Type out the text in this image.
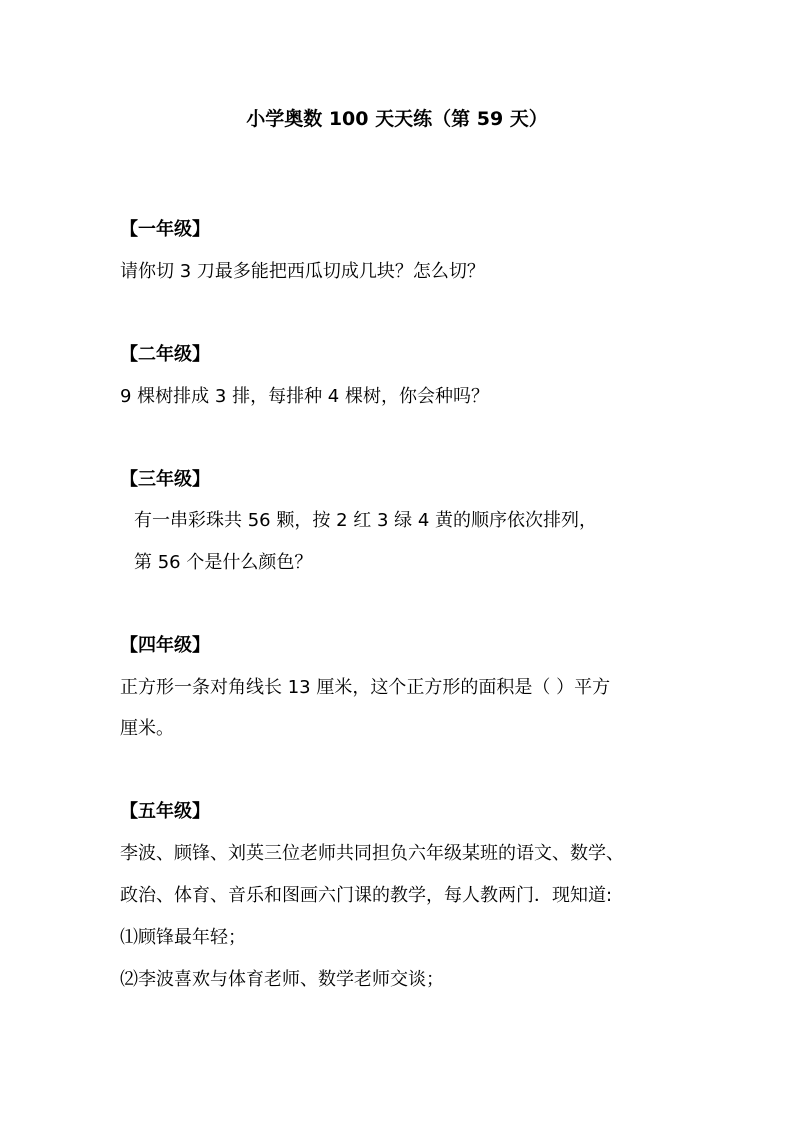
小学奥数 100 天天练（第 59 天）
【一年级】
请你切 3 刀最多能把西瓜切成几块？怎么切？
【二年级】
9 棵树排成 3 排，每排种 4 棵树，你会种吗？
【三年级】
有一串彩珠共 56 颗，按 2 红 3 绿 4 黄的顺序依次排列，
第 56 个是什么颜色？
【四年级】
正方形一条对角线长 13 厘米，这个正方形的面积是（ ）平方
厘米。
【五年级】
李波、顾锋、刘英三位老师共同担负六年级某班的语文、数学、
政治、体育、音乐和图画六门课的教学，每人教两门．现知道:
⑴顾锋最年轻；
⑵李波喜欢与体育老师、数学老师交谈；
